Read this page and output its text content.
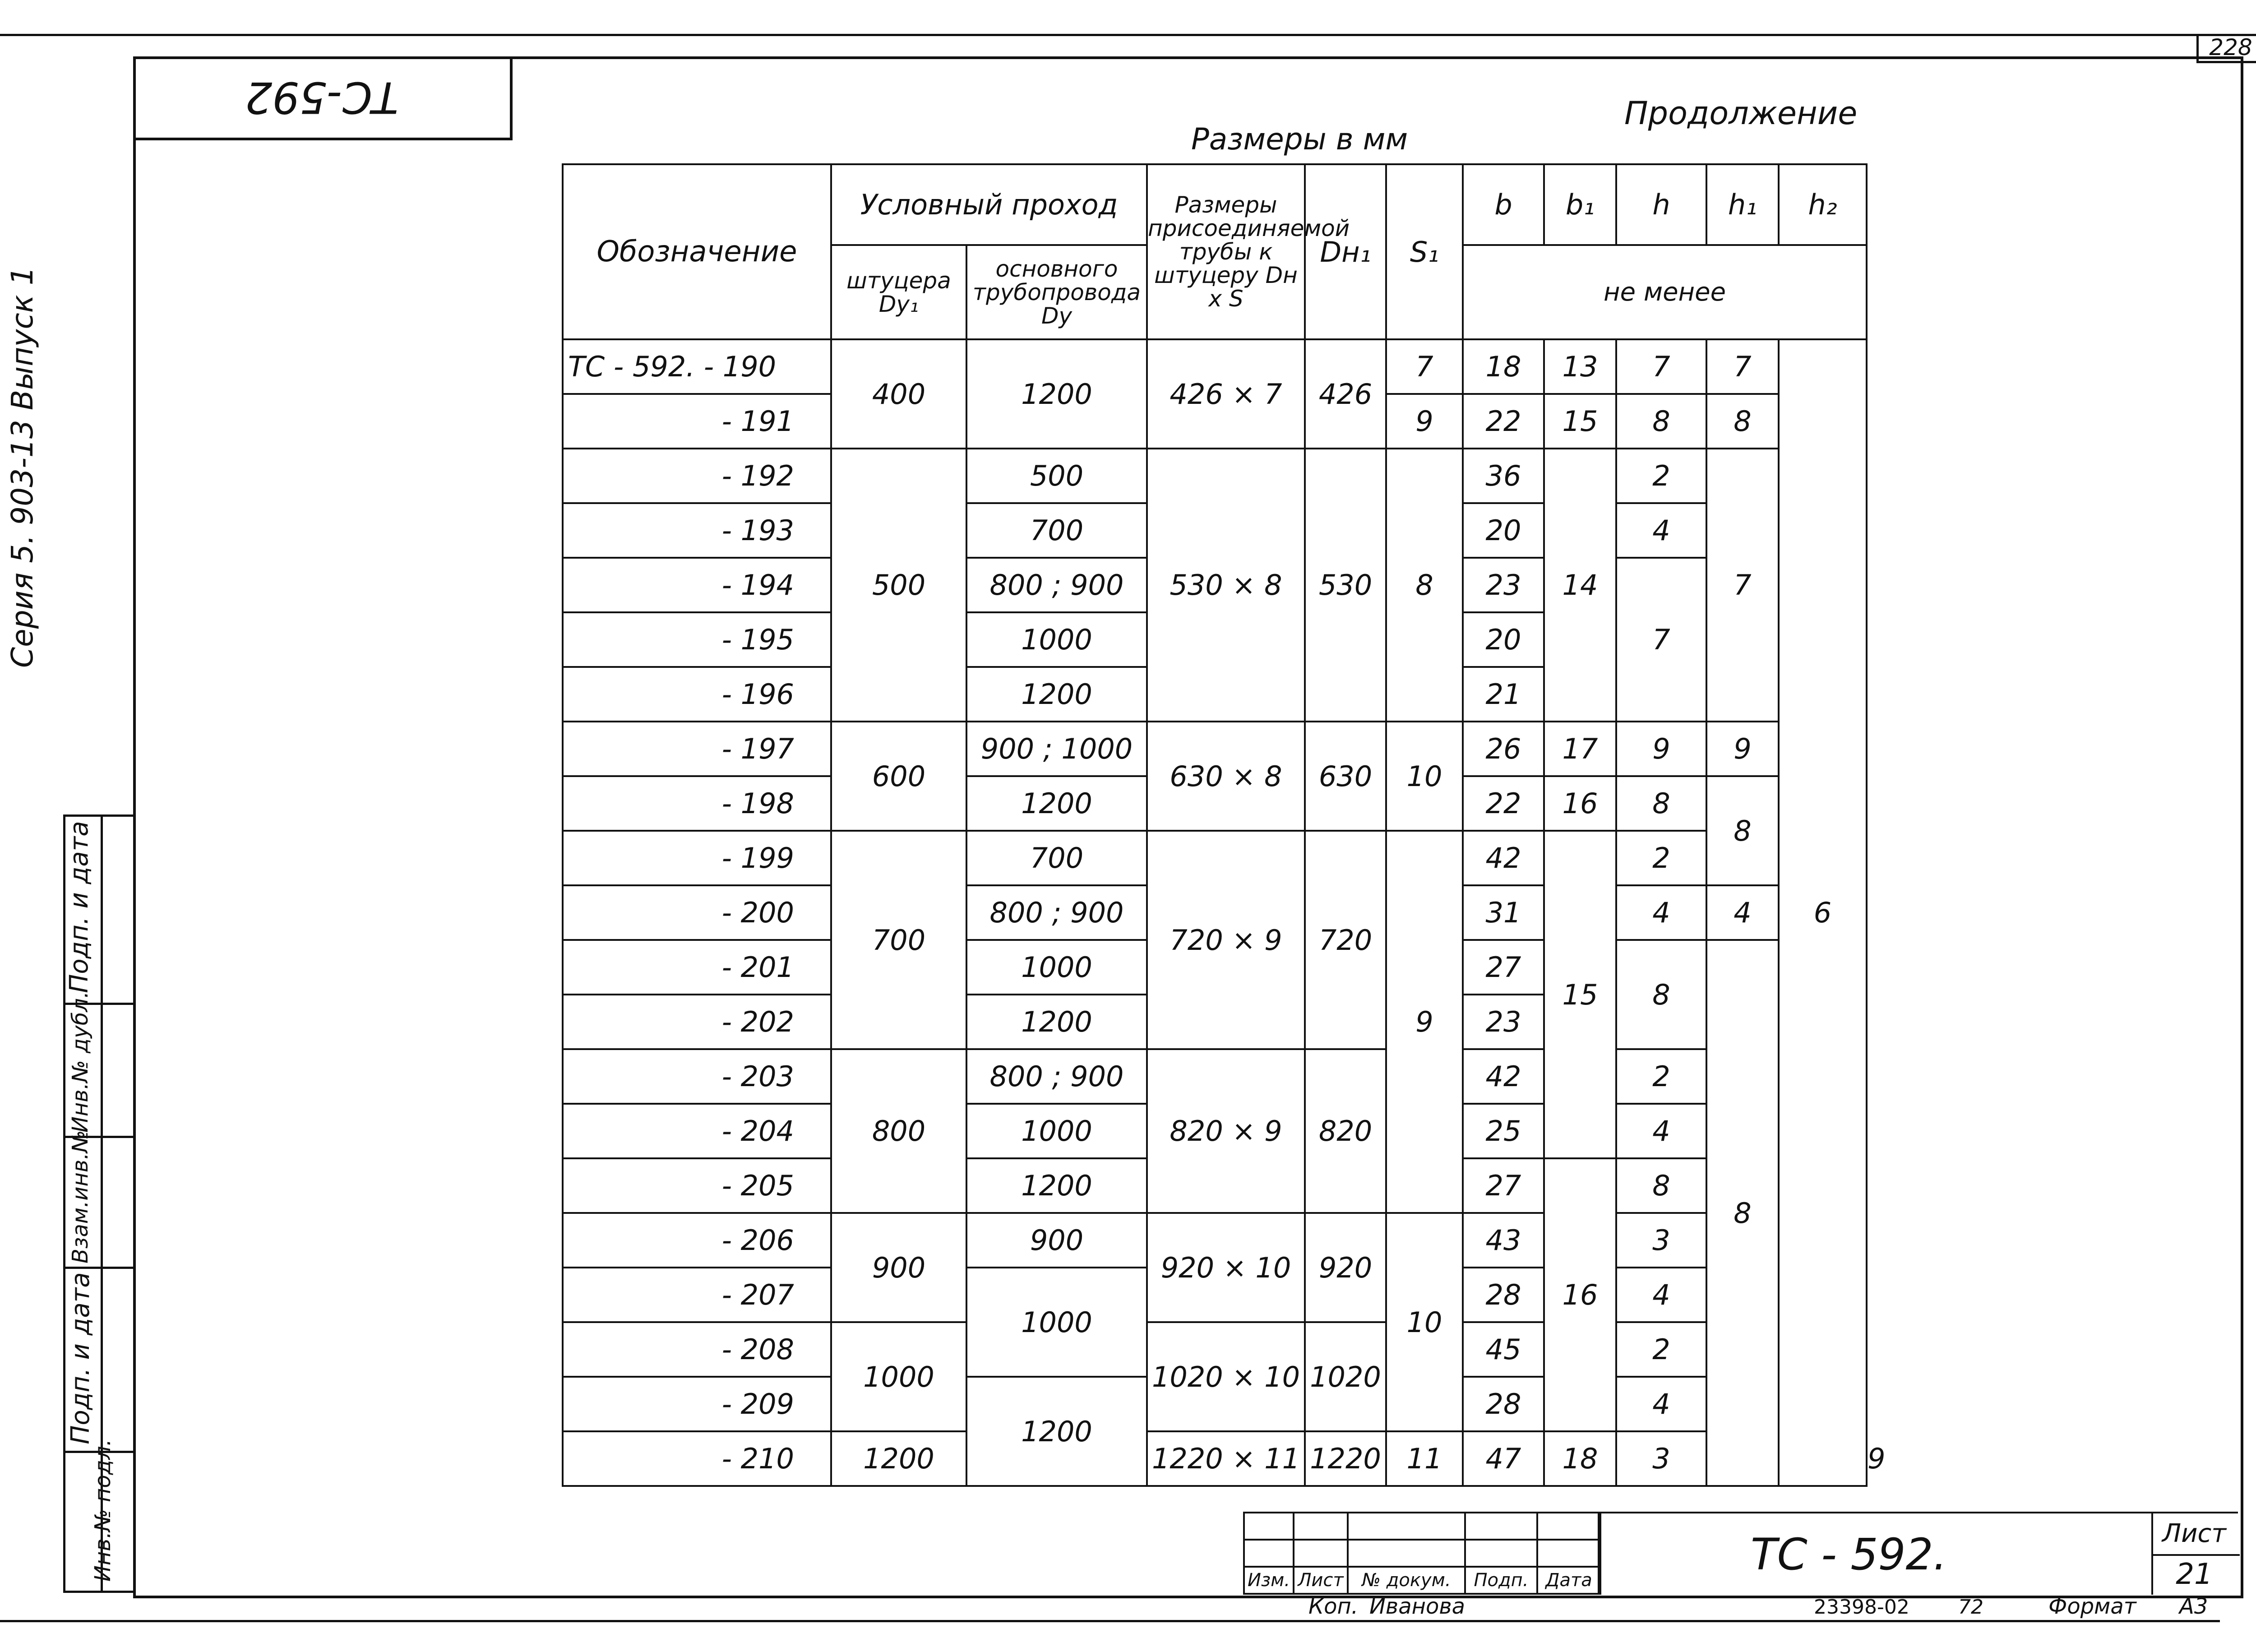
228
ТС-592
Серия 5. 903-13 Выпуск 1
Подп. и дата
Инв.№ дубл.
Взам.инв.№
Подп. и дата
Инв.№ подл.
Размеры в мм
Продолжение
Обозначение	Условный проход		Размеры присоединяемой трубы к штуцеру Dн х S	Dн₁	S₁	b	b₁	h	h₁	h₂	
	штуцера Dy₁	основного трубопровода Dy				не менее					

ТС - 592. - 190	400	1200	426 × 7	426	7	18	13	7	7	6	
- 191					9	22	15	8	8		
- 192	500	500	530 × 8	530	8	36	14	2	7		
- 193		700				20		4			
- 194		800 ; 900				23		7			
- 195		1000				20					
- 196		1200				21					
- 197	600	900 ; 1000	630 × 8	630	10	26	17	9	9		
- 198		1200				22	16	8	8		
- 199	700	700	720 × 9	720	9	42	15	2			
- 200		800 ; 900				31		4	4		
- 201		1000				27		8	8		
- 202		1200				23					
- 203	800	800 ; 900	820 × 9	820		42		2			
- 204		1000				25		4			
- 205		1200				27	16	8			
- 206	900	900	920 × 10	920	10	43		3			
- 207		1000				28		4			
- 208	1000		1020 × 10	1020		45		2			
- 209		1200				28		4			
- 210	1200		1220 × 11	1220	11	47	18	3			9

Изм.	Лист	№ докум.	Подп.	Дата
ТС - 592.	Лист
21
Коп. Иванова	23398-02	72	Формат	А3
